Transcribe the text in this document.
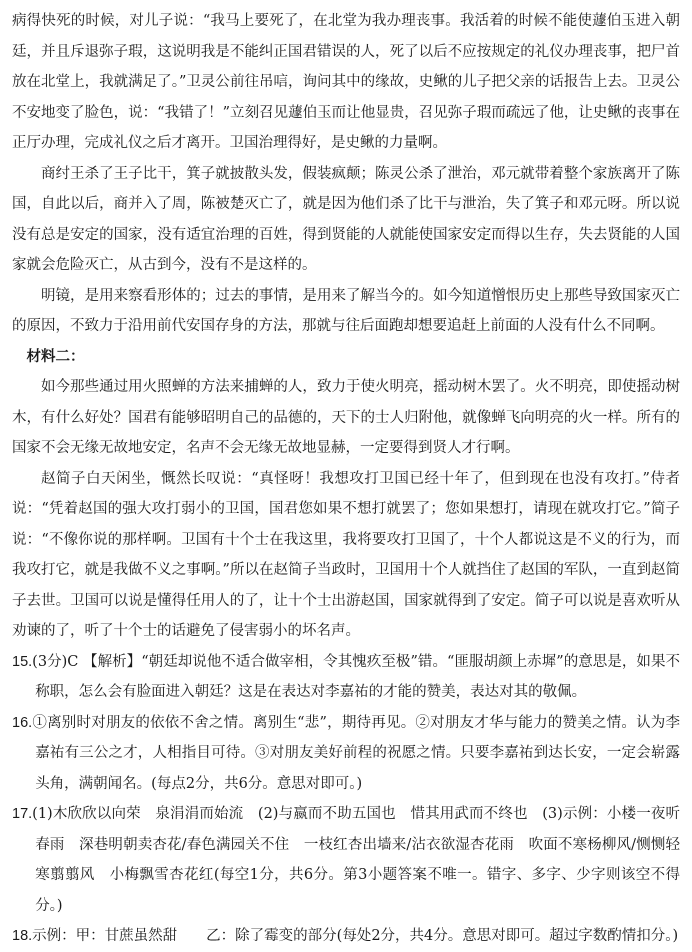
病得快死的时候，对儿子说：“我马上要死了，在北堂为我办理丧事。我活着的时候不能使蘧伯玉进入朝廷，并且斥退弥子瑕，这说明我是不能纠正国君错误的人，死了以后不应按规定的礼仪办理丧事，把尸首放在北堂上，我就满足了。”卫灵公前往吊唁，询问其中的缘故，史鳅的儿子把父亲的话报告上去。卫灵公不安地变了脸色，说：“我错了！”立刻召见蘧伯玉而让他显贵，召见弥子瑕而疏远了他，让史鳅的丧事在正厅办理，完成礼仪之后才离开。卫国治理得好，是史鳅的力量啊。

商纣王杀了王子比干，箕子就披散头发，假装疯颠；陈灵公杀了泄治，邓元就带着整个家族离开了陈国，自此以后，商并入了周，陈被楚灭亡了，就是因为他们杀了比干与泄治，失了箕子和邓元呀。所以说没有总是安定的国家，没有适宜治理的百姓，得到贤能的人就能使国家安定而得以生存，失去贤能的人国家就会危险灭亡，从古到今，没有不是这样的。

明镜，是用来察看形体的；过去的事情，是用来了解当今的。如今知道憎恨历史上那些导致国家灭亡的原因，不致力于沿用前代安国存身的方法，那就与往后面跑却想要追赶上前面的人没有什么不同啊。

材料二：

如今那些通过用火照蝉的方法来捕蝉的人，致力于使火明亮，摇动树木罢了。火不明亮，即使摇动树木，有什么好处？国君有能够昭明自己的品德的，天下的士人归附他，就像蝉飞向明亮的火一样。所有的国家不会无缘无故地安定，名声不会无缘无故地显赫，一定要得到贤人才行啊。

赵简子白天闲坐，慨然长叹说：“真怪呀！我想攻打卫国已经十年了，但到现在也没有攻打。”侍者说：“凭着赵国的强大攻打弱小的卫国，国君您如果不想打就罢了；您如果想打，请现在就攻打它。”简子说：“不像你说的那样啊。卫国有十个士在我这里，我将要攻打卫国了，十个人都说这是不义的行为，而我攻打它，就是我做不义之事啊。”所以在赵简子当政时，卫国用十个人就挡住了赵国的军队，一直到赵简子去世。卫国可以说是懂得任用人的了，让十个士出游赵国，国家就得到了安定。简子可以说是喜欢听从劝谏的了，听了十个士的话避免了侵害弱小的坏名声。

15.(3分)C 【解析】“朝廷却说他不适合做宰相，令其愧疚至极”错。“匪服胡颜上赤墀”的意思是，如果不称职，怎么会有脸面进入朝廷？这是在表达对李嘉祐的才能的赞美，表达对其的敬佩。
16.①离别时对朋友的依依不舍之情。离别生“悲”，期待再见。②对朋友才华与能力的赞美之情。认为李嘉祐有三公之才，人相指目可待。③对朋友美好前程的祝愿之情。只要李嘉祐到达长安，一定会崭露头角，满朝闻名。(每点2分，共6分。意思对即可。)
17.(1)木欣欣以向荣　泉涓涓而始流　(2)与嬴而不助五国也　惜其用武而不终也　(3)示例：小楼一夜听春雨　深巷明朝卖杏花/春色满园关不住　一枝红杏出墙来/沾衣欲湿杏花雨　吹面不寒杨柳风/恻恻轻寒翦翦风　小梅飘雪杏花红(每空1分，共6分。第3小题答案不唯一。错字、多字、少字则该空不得分。)
18.示例：甲：甘蔗虽然甜　　乙：除了霉变的部分(每处2分，共4分。意思对即可。超过字数酌情扣分。)
